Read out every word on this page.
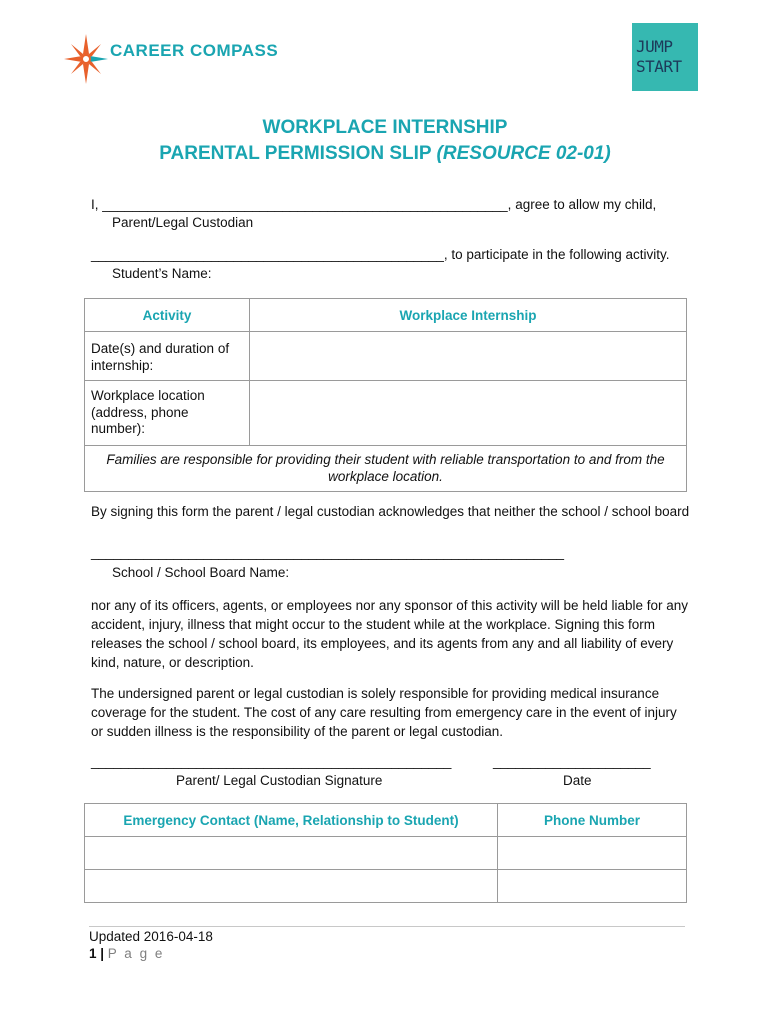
CAREER COMPASS	JUMP
START
WORKPLACE INTERNSHIP
PARENTAL PERMISSION SLIP (RESOURCE 02-01)
I, ______________________________________________________, agree to allow my child,
Parent/Legal Custodian
_______________________________________________, to participate in the following activity.
Student’s Name:
Activity	Workplace Internship
Date(s) and duration of internship:	
Workplace location (address, phone number):	
Families are responsible for providing their student with reliable transportation to and from the workplace location.	
By signing this form the parent / legal custodian acknowledges that neither the school / school board
_______________________________________________________________
School / School Board Name:
nor any of its officers, agents, or employees nor any sponsor of this activity will be held liable for any accident, injury, illness that might occur to the student while at the workplace. Signing this form releases the school / school board, its employees, and its agents from any and all liability of every kind, nature, or description.
The undersigned parent or legal custodian is solely responsible for providing medical insurance coverage for the student. The cost of any care resulting from emergency care in the event of injury or sudden illness is the responsibility of the parent or legal custodian.
________________________________________________
Parent/ Legal Custodian Signature
_____________________
Date
Emergency Contact (Name, Relationship to Student)	Phone Number

Updated 2016-04-18
1 | P a g e
